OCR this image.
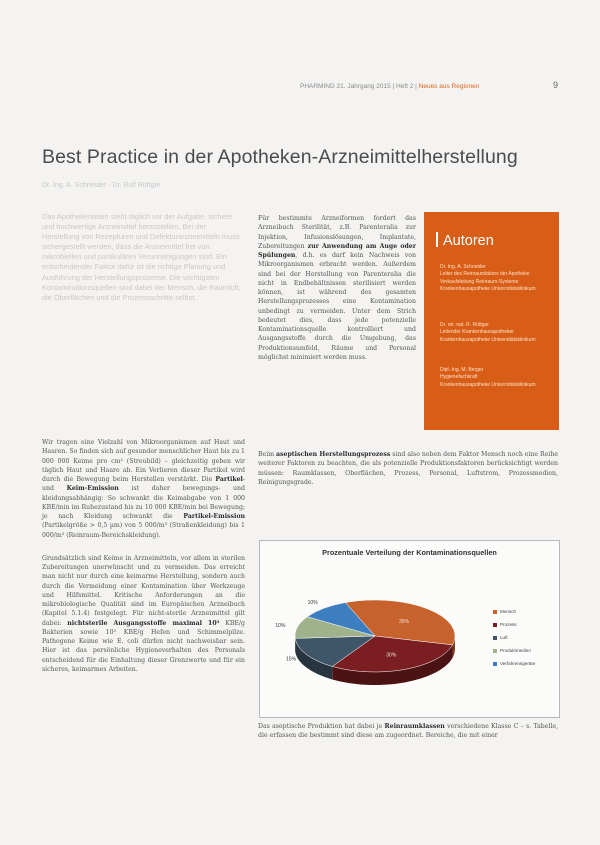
PHARMIND 21. Jahrgang 2015 | Heft 2 | Neues aus Regionen	9
Best Practice in der Apotheken-Arzneimittelherstellung
Dr. Ing. A. Schneider · Dr. Rolf Rüttger
Das Apothekenteam steht täglich vor der Aufgabe, sichere und hochwertige Arzneimittel herzustellen. Bei der Herstellung von Rezepturen und Defekturarzneimitteln muss sichergestellt werden, dass die Arzneimittel frei von mikrobiellen und partikulären Verunreinigungen sind. Ein entscheidender Faktor dafür ist die richtige Planung und Ausführung der Herstellungsprozesse. Die wichtigsten Kontaminationsquellen sind dabei der Mensch, die Raumluft, die Oberflächen und die Prozessschritte selbst.

Wir tragen eine Vielzahl von Mikroorganismen auf Haut und Haaren. So finden sich auf gesunder menschlicher Haut bis zu 1 000 000 Keime pro cm² (Streubild) – gleichzeitig geben wir täglich Haut und Haare ab. Ein Verlieren dieser Partikel wird durch die Bewegung beim Herstellen verstärkt. Die Partikel- und Keim-Emission ist daher bewegungs- und kleidungsabhängig: So schwankt die Keimabgabe von 1 000 KBE/min im Ruhezustand bis zu 10 000 KBE/min bei Bewegung; je nach Kleidung schwankt die Partikel-Emission (Partikelgröße > 0,5 µm) von 5 000/m³ (Straßenkleidung) bis 1 000/m³ (Reinraum-Bereichskleidung).

Grundsätzlich sind Keime in Arzneimitteln, vor allem in sterilen Zubereitungen unerwünscht und zu vermeiden. Das erreicht man nicht nur durch eine keimarme Herstellung, sondern auch durch die Vermeidung einer Kontamination über Werkzeuge und Hilfsmittel. Kritische Anforderungen an die mikrobiologische Qualität sind im Europäischen Arzneibuch (Kapitel 5.1.4) festgelegt. Für nicht-sterile Arzneimittel gilt dabei: nichtsterile Ausgangsstoffe maximal 10³ KBE/g Bakterien sowie 10² KBE/g Hefen und Schimmelpilze. Pathogene Keime wie E. coli dürfen nicht nachweisbar sein. Hier ist das persönliche Hygieneverhalten des Personals entscheidend für die Einhaltung dieser Grenzwerte und für ein sicheres, keimarmes Arbeiten.

Für bestimmte Arzneiformen fordert das Arzneibuch Sterilität, z.B. Parenteralia zur Injektion, Infusionslösungen, Implantate, Zubereitungen zur Anwendung am Auge oder Spülungen, d.h. es darf kein Nachweis von Mikroorganismen erbracht werden. Außerdem sind bei der Herstellung von Parenteralia die nicht in Endbehältnissen sterilisiert werden können, ist während des gesamten Herstellungsprozesses eine Kontamination unbedingt zu vermeiden. Unter dem Strich bedeutet dies, dass jede potenzielle Kontaminationsquelle kontrolliert und Ausgangsstoffe durch die Umgebung, das Produktionsumfeld, Räume und Personal möglichst minimiert werden muss.

Beim aseptischen Herstellungsprozess sind also neben dem Faktor Mensch noch eine Reihe weiterer Faktoren zu beachten, die als potenzielle Produktionsfaktoren berücksichtigt werden müssen: Raumklassen, Oberflächen, Prozess, Personal, Luftstrom, Prozessmedien, Reinigungsgrade.

Das aseptische Produktion hat dabei je Reinraumklassen verschiedene Klasse C – s. Tabelle, die erfassen die bestimmt sind diese am zugeordnet. Bereiche, die mit einer

Autoren
Dr. Ing. A. Schneider
Leiter des Reinraumlabors der Apotheke
Verkaufsleitung Reinraum-Systeme
Krankenhausapotheke Universitätsklinikum
Dr. rer. nat. R. Rüttger
Leitender Krankenhausapotheker
Krankenhausapotheke Universitätsklinikum
Dipl.-Ing. M. Berger
Hygienefachkraft
Krankenhausapotheke Universitätsklinikum
Prozentuale Verteilung der Kontaminationsquellen
35%
30%
15%
10%
10%
Mensch
Prozess
Luft
Produktmedien
Verfahrensgeräte
